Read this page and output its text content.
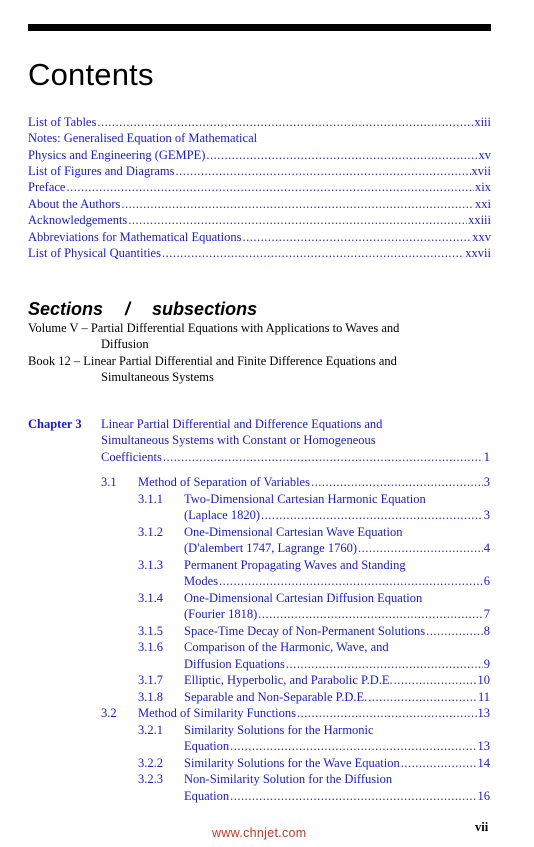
Contents
List of Tables .....	xiii
Notes: Generalised Equation of Mathematical
Physics and Engineering (GEMPE) .....	xv
List of Figures and Diagrams .....	xvii
Preface .....	xix
About the Authors .....	xxi
Acknowledgements .....	xxiii
Abbreviations for Mathematical Equations .....	xxv
List of Physical Quantities .....	xxvii
Sections / subsections
Volume V – Partial Differential Equations with Applications to Waves and
Diffusion
Book 12 – Linear Partial Differential and Finite Difference Equations and
Simultaneous Systems
Chapter 3 Linear Partial Differential and Difference Equations and
Simultaneous Systems with Constant or Homogeneous
Coefficients .....	1
3.1 Method of Separation of Variables .....	3
3.1.1 Two-Dimensional Cartesian Harmonic Equation
(Laplace 1820) .....	3
3.1.2 One-Dimensional Cartesian Wave Equation
(D'alembert 1747, Lagrange 1760) .....	4
3.1.3 Permanent Propagating Waves and Standing
Modes .....	6
3.1.4 One-Dimensional Cartesian Diffusion Equation
(Fourier 1818) .....	7
3.1.5 Space-Time Decay of Non-Permanent Solutions .....	8
3.1.6 Comparison of the Harmonic, Wave, and
Diffusion Equations .....	9
3.1.7 Elliptic, Hyperbolic, and Parabolic P.D.E. .....	10
3.1.8 Separable and Non-Separable P.D.E. .....	11
3.2 Method of Similarity Functions .....	13
3.2.1 Similarity Solutions for the Harmonic
Equation .....	13
3.2.2 Similarity Solutions for the Wave Equation .....	14
3.2.3 Non-Similarity Solution for the Diffusion
Equation .....	16
www.chnjet.com	vii
